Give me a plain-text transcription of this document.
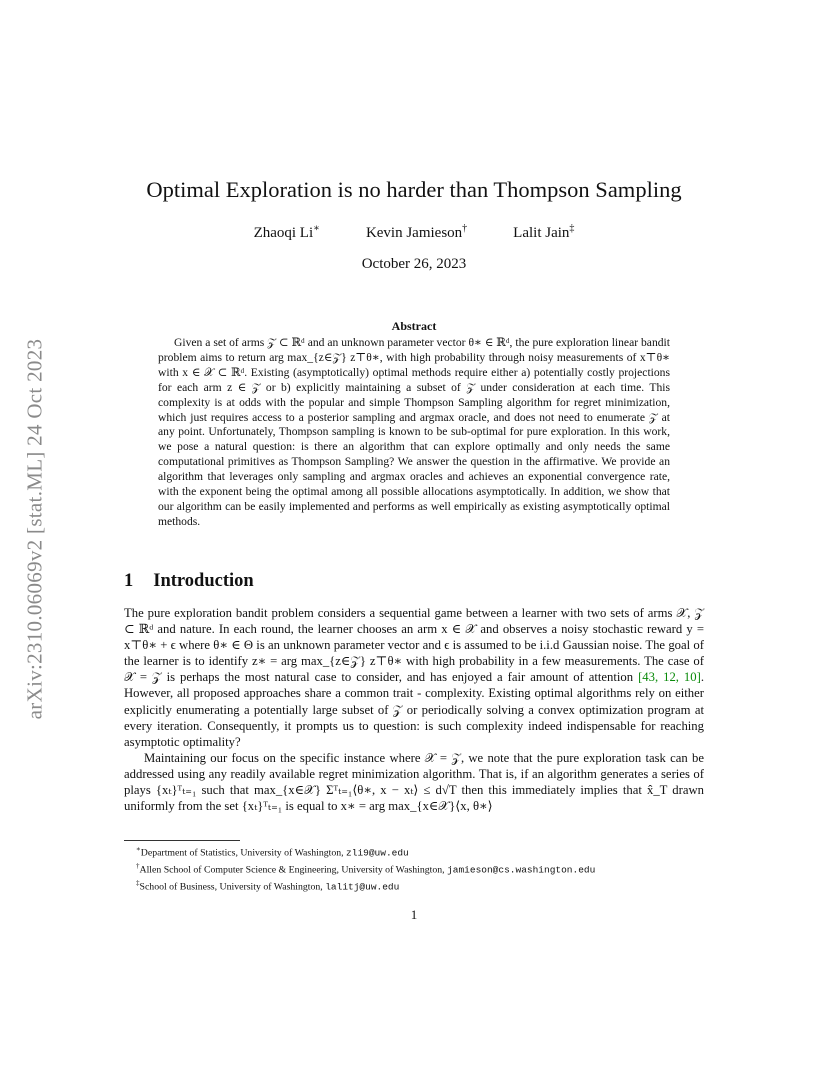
arXiv:2310.06069v2 [stat.ML] 24 Oct 2023
Optimal Exploration is no harder than Thompson Sampling
Zhaoqi Li∗	Kevin Jamieson†	Lalit Jain‡
October 26, 2023
Abstract

Given a set of arms 𝒵 ⊂ ℝᵈ and an unknown parameter vector θ∗ ∈ ℝᵈ, the pure exploration linear bandit problem aims to return arg max_{z∈𝒵} z⊤θ∗, with high probability through noisy measurements of x⊤θ∗ with x ∈ 𝒳 ⊂ ℝᵈ. Existing (asymptotically) optimal methods require either a) potentially costly projections for each arm z ∈ 𝒵 or b) explicitly maintaining a subset of 𝒵 under consideration at each time. This complexity is at odds with the popular and simple Thompson Sampling algorithm for regret minimization, which just requires access to a posterior sampling and argmax oracle, and does not need to enumerate 𝒵 at any point. Unfortunately, Thompson sampling is known to be sub-optimal for pure exploration. In this work, we pose a natural question: is there an algorithm that can explore optimally and only needs the same computational primitives as Thompson Sampling? We answer the question in the affirmative. We provide an algorithm that leverages only sampling and argmax oracles and achieves an exponential convergence rate, with the exponent being the optimal among all possible allocations asymptotically. In addition, we show that our algorithm can be easily implemented and performs as well empirically as existing asymptotically optimal methods.

1 Introduction

The pure exploration bandit problem considers a sequential game between a learner with two sets of arms 𝒳, 𝒵 ⊂ ℝᵈ and nature. In each round, the learner chooses an arm x ∈ 𝒳 and observes a noisy stochastic reward y = x⊤θ∗ + ϵ where θ∗ ∈ Θ is an unknown parameter vector and ϵ is assumed to be i.i.d Gaussian noise. The goal of the learner is to identify z∗ = arg max_{z∈𝒵} z⊤θ∗ with high probability in a few measurements. The case of 𝒳 = 𝒵 is perhaps the most natural case to consider, and has enjoyed a fair amount of attention [43, 12, 10]. However, all proposed approaches share a common trait - complexity. Existing optimal algorithms rely on either explicitly enumerating a potentially large subset of 𝒵 or periodically solving a convex optimization program at every iteration. Consequently, it prompts us to question: is such complexity indeed indispensable for reaching asymptotic optimality?

Maintaining our focus on the specific instance where 𝒳 = 𝒵, we note that the pure exploration task can be addressed using any readily available regret minimization algorithm. That is, if an algorithm generates a series of plays {xₜ}ᵀₜ₌₁ such that max_{x∈𝒳} Σᵀₜ₌₁⟨θ∗, x − xₜ⟩ ≤ d√T then this immediately implies that x̂_T drawn uniformly from the set {xₜ}ᵀₜ₌₁ is equal to x∗ = arg max_{x∈𝒳}⟨x, θ∗⟩

∗Department of Statistics, University of Washington, zli9@uw.edu
†Allen School of Computer Science & Engineering, University of Washington, jamieson@cs.washington.edu
‡School of Business, University of Washington, lalitj@uw.edu
1
